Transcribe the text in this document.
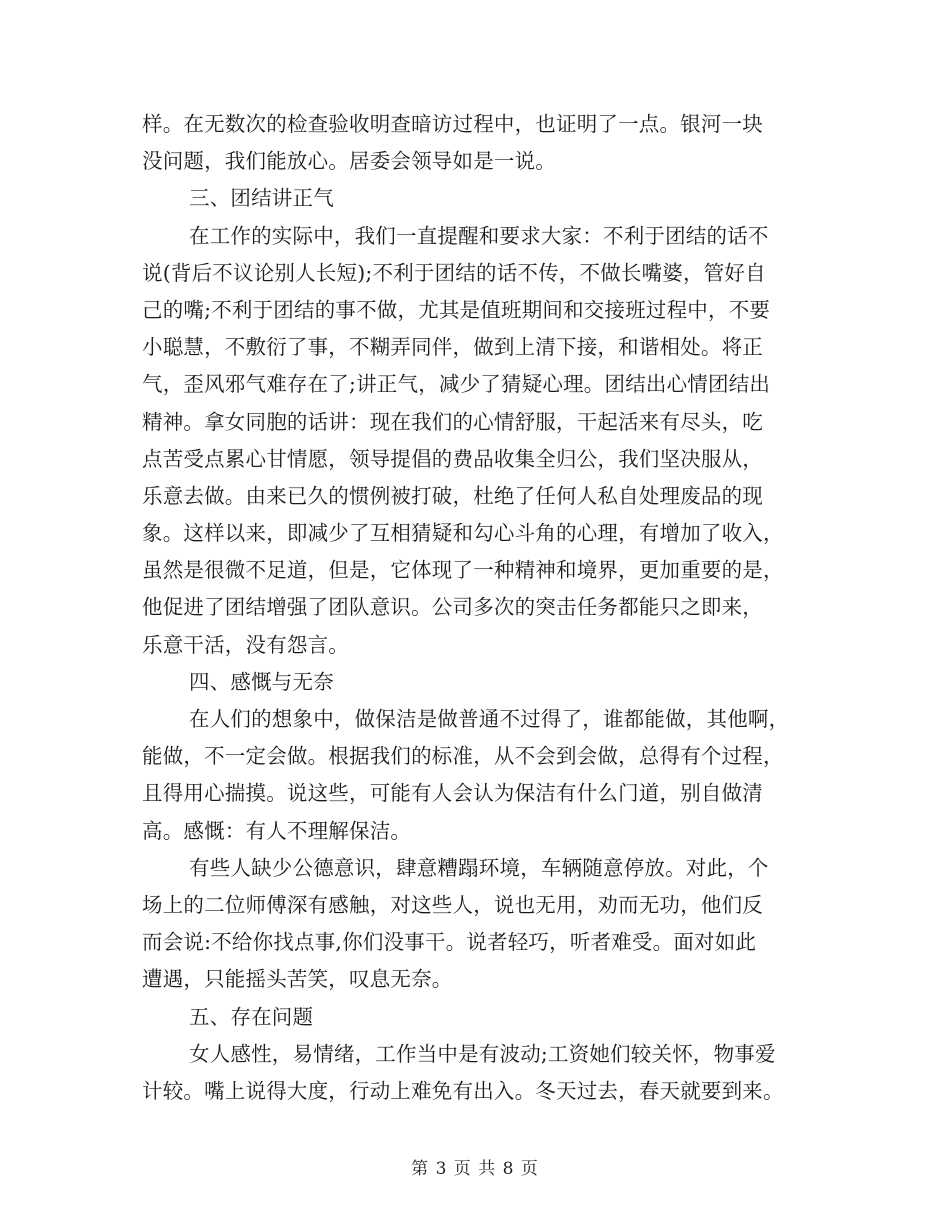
样。在无数次的检查验收明查暗访过程中，也证明了一点。银河一块
没问题，我们能放心。居委会领导如是一说。
三、团结讲正气
在工作的实际中，我们一直提醒和要求大家：不利于团结的话不
说(背后不议论别人长短);不利于团结的话不传，不做长嘴婆，管好自
己的嘴;不利于团结的事不做，尤其是值班期间和交接班过程中，不要
小聪慧，不敷衍了事，不糊弄同伴，做到上清下接，和谐相处。将正
气，歪风邪气难存在了;讲正气，减少了猜疑心理。团结出心情团结出
精神。拿女同胞的话讲：现在我们的心情舒服，干起活来有尽头，吃
点苦受点累心甘情愿，领导提倡的费品收集全归公，我们坚决服从，
乐意去做。由来已久的惯例被打破，杜绝了任何人私自处理废品的现
象。这样以来，即减少了互相猜疑和勾心斗角的心理，有增加了收入，
虽然是很微不足道，但是，它体现了一种精神和境界，更加重要的是，
他促进了团结增强了团队意识。公司多次的突击任务都能只之即来，
乐意干活，没有怨言。
四、感慨与无奈
在人们的想象中，做保洁是做普通不过得了，谁都能做，其他啊，
能做，不一定会做。根据我们的标准，从不会到会做，总得有个过程，
且得用心揣摸。说这些，可能有人会认为保洁有什么门道，别自做清
高。感慨：有人不理解保洁。
有些人缺少公德意识，肆意糟蹋环境，车辆随意停放。对此，个
场上的二位师傅深有感触，对这些人，说也无用，劝而无功，他们反
而会说:不给你找点事,你们没事干。说者轻巧，听者难受。面对如此
遭遇，只能摇头苦笑，叹息无奈。
五、存在问题
女人感性，易情绪，工作当中是有波动;工资她们较关怀，物事爱
计较。嘴上说得大度，行动上难免有出入。冬天过去，春天就要到来。
第 3 页 共 8 页
